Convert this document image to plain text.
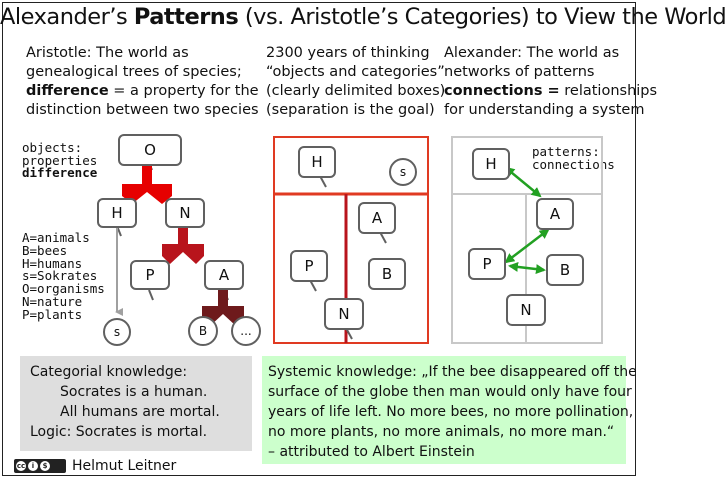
Alexander’s Patterns (vs. Aristotle’s Categories) to View the World
Aristotle: The world as
genealogical trees of species;
difference = a property for the
distinction between two species
2300 years of thinking
“objects and categories”
(clearly delimited boxes)
(separation is the goal)
Alexander: The world as
networks of patterns
connections = relationships
for understanding a system
objects:
properties
difference
A=animals
B=bees
H=humans
s=Sokrates
O=organisms
N=nature
P=plants
patterns:
connections
O
H	N
P	A
s	B	...
H
s
A
P	B
N
H
A
P	B
N
Categorial knowledge:
Socrates is a human.
All humans are mortal.
Logic: Socrates is mortal.
Systemic knowledge: „If the bee disappeared off the
surface of the globe then man would only have four
years of life left. No more bees, no more pollination,
no more plants, no more animals, no more man.“
– attributed to Albert Einstein
cc i	$ Helmut Leitner
